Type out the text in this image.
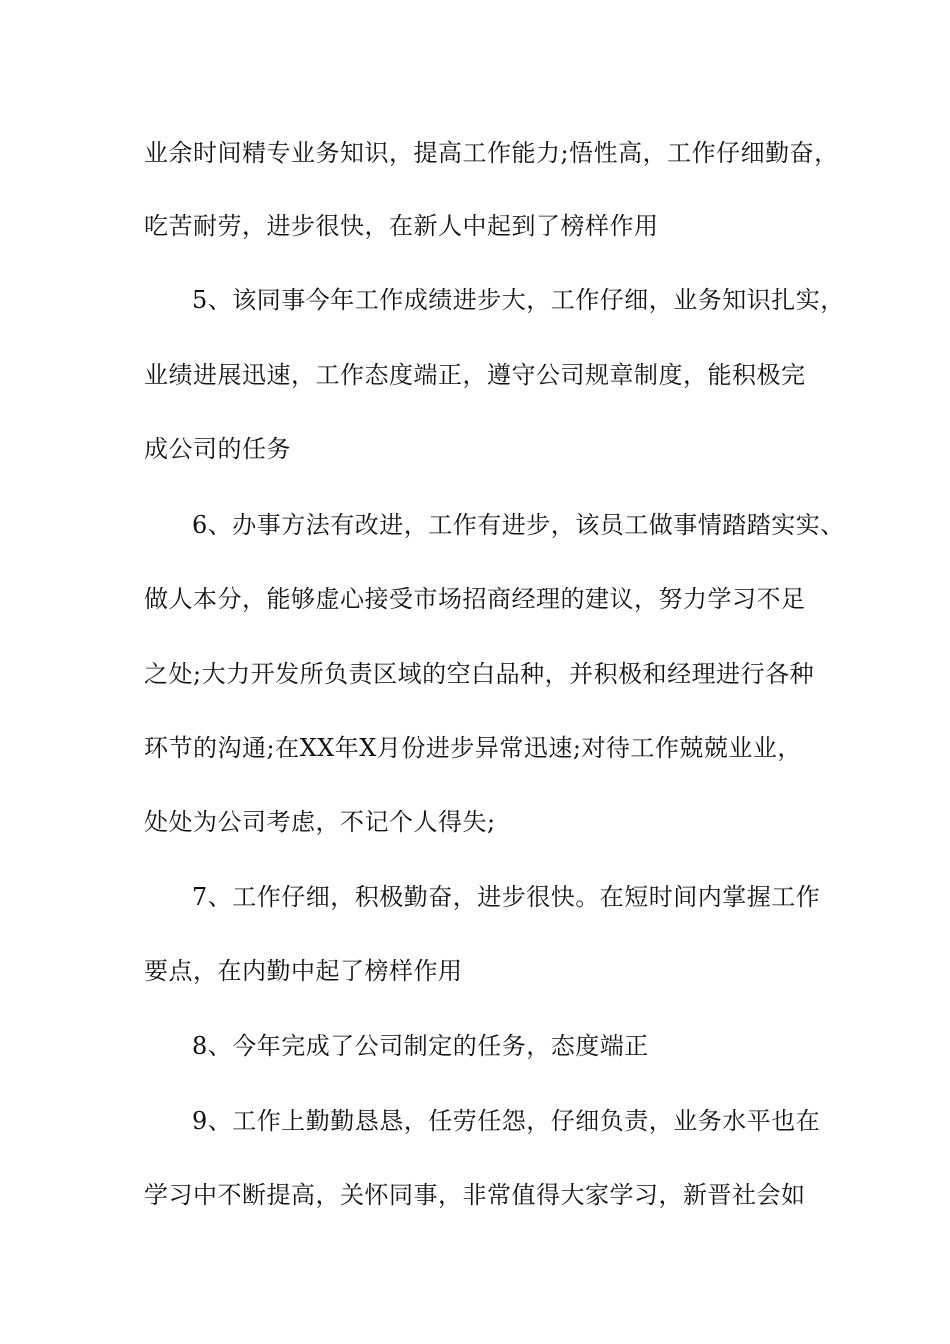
业余时间精专业务知识，提高工作能力;悟性高，工作仔细勤奋，
吃苦耐劳，进步很快，在新人中起到了榜样作用
5、该同事今年工作成绩进步大，工作仔细，业务知识扎实，
业绩进展迅速，工作态度端正，遵守公司规章制度，能积极完
成公司的任务
6、办事方法有改进，工作有进步，该员工做事情踏踏实实、
做人本分，能够虚心接受市场招商经理的建议，努力学习不足
之处;大力开发所负责区域的空白品种，并积极和经理进行各种
环节的沟通;在XX年X月份进步异常迅速;对待工作兢兢业业，
处处为公司考虑，不记个人得失;
7、工作仔细，积极勤奋，进步很快。在短时间内掌握工作
要点，在内勤中起了榜样作用
8、今年完成了公司制定的任务，态度端正
9、工作上勤勤恳恳，任劳任怨，仔细负责，业务水平也在
学习中不断提高，关怀同事，非常值得大家学习，新晋社会如
